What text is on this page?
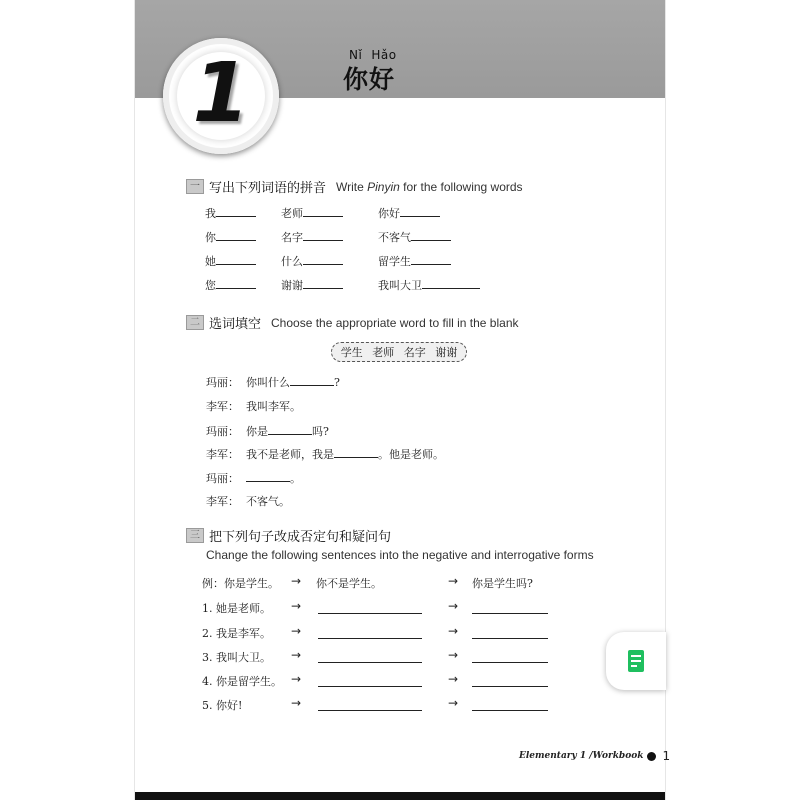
1	Nǐ Hǎo
你好
一 写出下列词语的拼音 Write Pinyin for the following words
我	老师	你好
你	名字	不客气
她	什么	留学生
您	谢谢	我叫大卫
二 选词填空 Choose the appropriate word to fill in the blank
学生 老师 名字 谢谢
玛丽： 你叫什么	?
李军： 我叫李军。
玛丽： 你是	吗?
李军： 我不是老师，我是	。他是老师。
玛丽：	。
李军： 不客气。
三 把下列句子改成否定句和疑问句
Change the following sentences into the negative and interrogative forms
例：你是学生。 → 你不是学生。	→ 你是学生吗?
1. 她是老师。 →	→
2. 我是李军。 →	→
3. 我叫大卫。 →	→
4. 你是留学生。 →	→
5. 你好!	→	→
Elementary 1 /Workbook 1
